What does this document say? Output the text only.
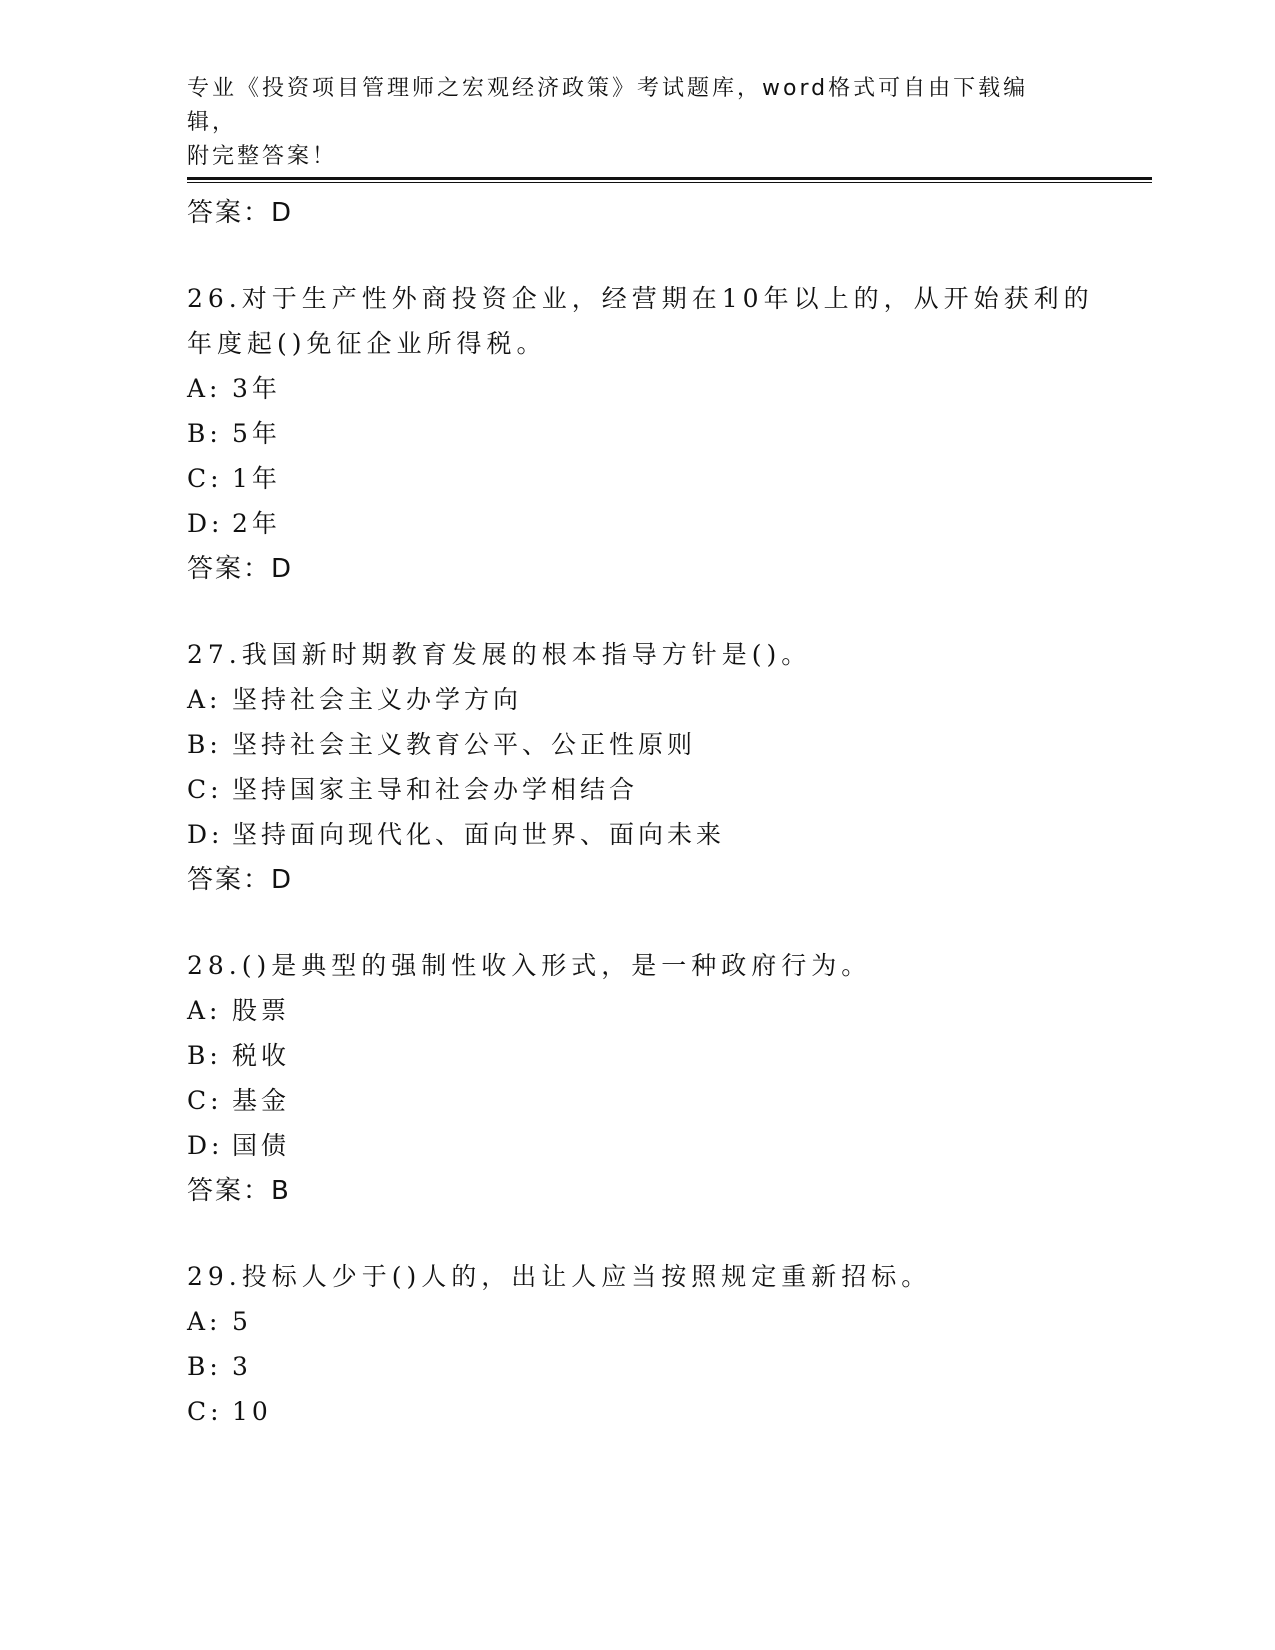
专业《投资项目管理师之宏观经济政策》考试题库，word格式可自由下载编辑，
附完整答案！
答案：D
26.对于生产性外商投资企业，经营期在10年以上的，从开始获利的
年度起()免征企业所得税。
A: 3年
B: 5年
C: 1年
D: 2年
答案：D
27.我国新时期教育发展的根本指导方针是()。
A: 坚持社会主义办学方向
B: 坚持社会主义教育公平、公正性原则
C: 坚持国家主导和社会办学相结合
D: 坚持面向现代化、面向世界、面向未来
答案：D
28.()是典型的强制性收入形式，是一种政府行为。
A: 股票
B: 税收
C: 基金
D: 国债
答案：B
29.投标人少于()人的，出让人应当按照规定重新招标。
A: 5
B: 3
C: 10
